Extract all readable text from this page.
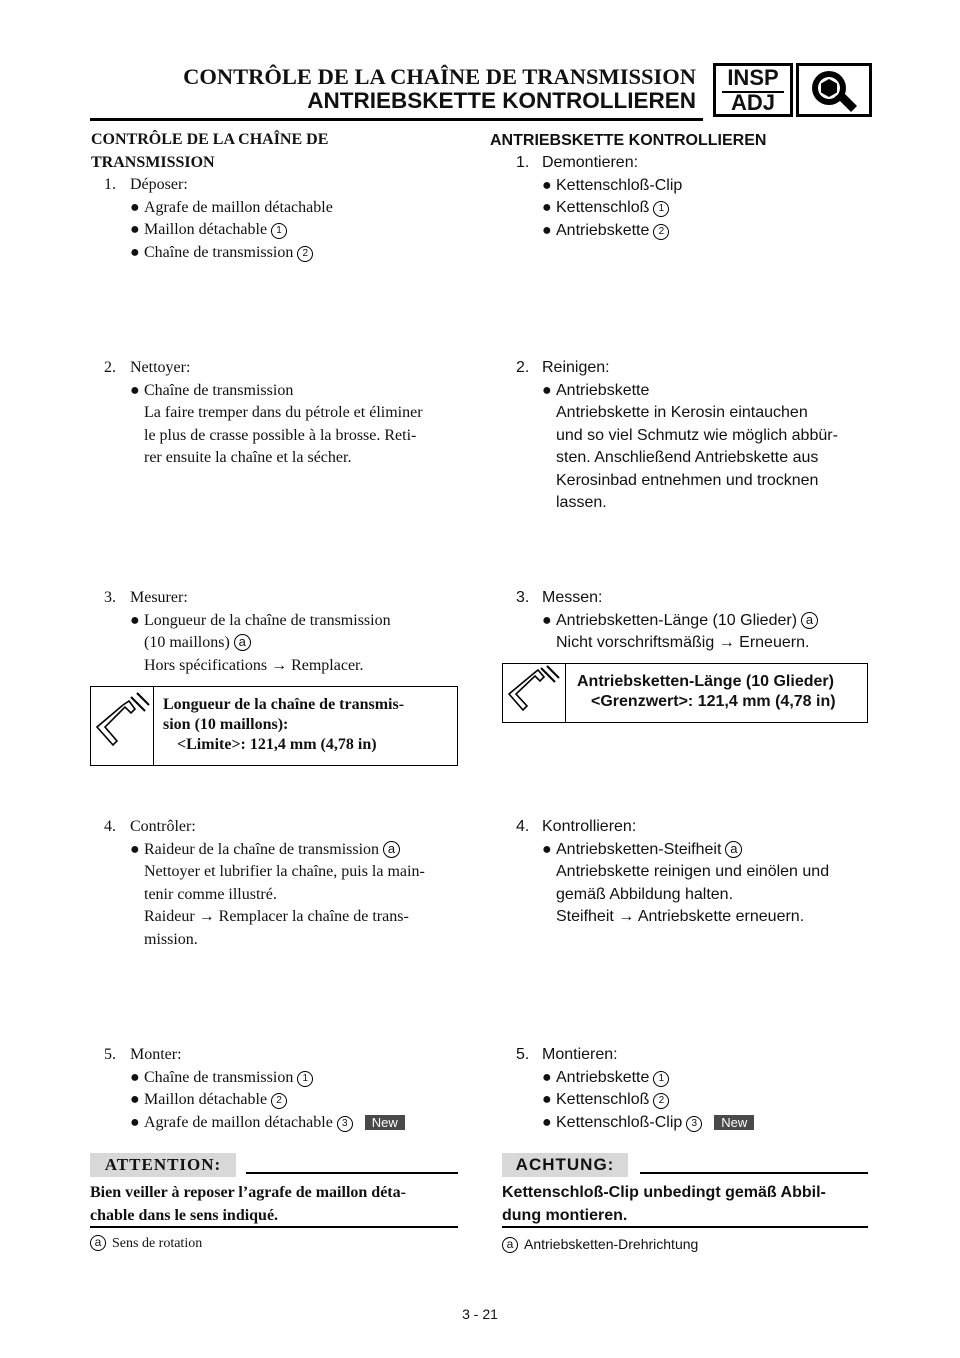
CONTRÔLE DE LA CHAÎNE DE TRANSMISSION
ANTRIEBSKETTE KONTROLLIEREN
INSP
ADJ
CONTRÔLE DE LA CHAÎNE DE
TRANSMISSION
1. Déposer:
● Agrafe de maillon détachable
● Maillon détachable 1
● Chaîne de transmission 2
2. Nettoyer:
● Chaîne de transmission
La faire tremper dans du pétrole et éliminer
le plus de crasse possible à la brosse. Reti-
rer ensuite la chaîne et la sécher.
3. Mesurer:
● Longueur de la chaîne de transmission
(10 maillons) a
Hors spécifications → Remplacer.
Longueur de la chaîne de transmis-
sion (10 maillons):
<Limite>: 121,4 mm (4,78 in)
4. Contrôler:
● Raideur de la chaîne de transmission a
Nettoyer et lubrifier la chaîne, puis la main-
tenir comme illustré.
Raideur → Remplacer la chaîne de trans-
mission.
5. Monter:
● Chaîne de transmission 1
● Maillon détachable 2
● Agrafe de maillon détachable 3 New
ATTENTION:
Bien veiller à reposer l’agrafe de maillon déta-
chable dans le sens indiqué.
a Sens de rotation
ANTRIEBSKETTE KONTROLLIEREN
1. Demontieren:
● Kettenschloß-Clip
● Kettenschloß 1
● Antriebskette 2
2. Reinigen:
● Antriebskette
Antriebskette in Kerosin eintauchen
und so viel Schmutz wie möglich abbür-
sten. Anschließend Antriebskette aus
Kerosinbad entnehmen und trocknen
lassen.
3. Messen:
● Antriebsketten-Länge (10 Glieder) a
Nicht vorschriftsmäßig → Erneuern.
Antriebsketten-Länge (10 Glieder)
<Grenzwert>: 121,4 mm (4,78 in)
4. Kontrollieren:
● Antriebsketten-Steifheit a
Antriebskette reinigen und einölen und
gemäß Abbildung halten.
Steifheit → Antriebskette erneuern.
5. Montieren:
● Antriebskette 1
● Kettenschloß 2
● Kettenschloß-Clip 3 New
ACHTUNG:
Kettenschloß-Clip unbedingt gemäß Abbil-
dung montieren.
a Antriebsketten-Drehrichtung
3 - 21
